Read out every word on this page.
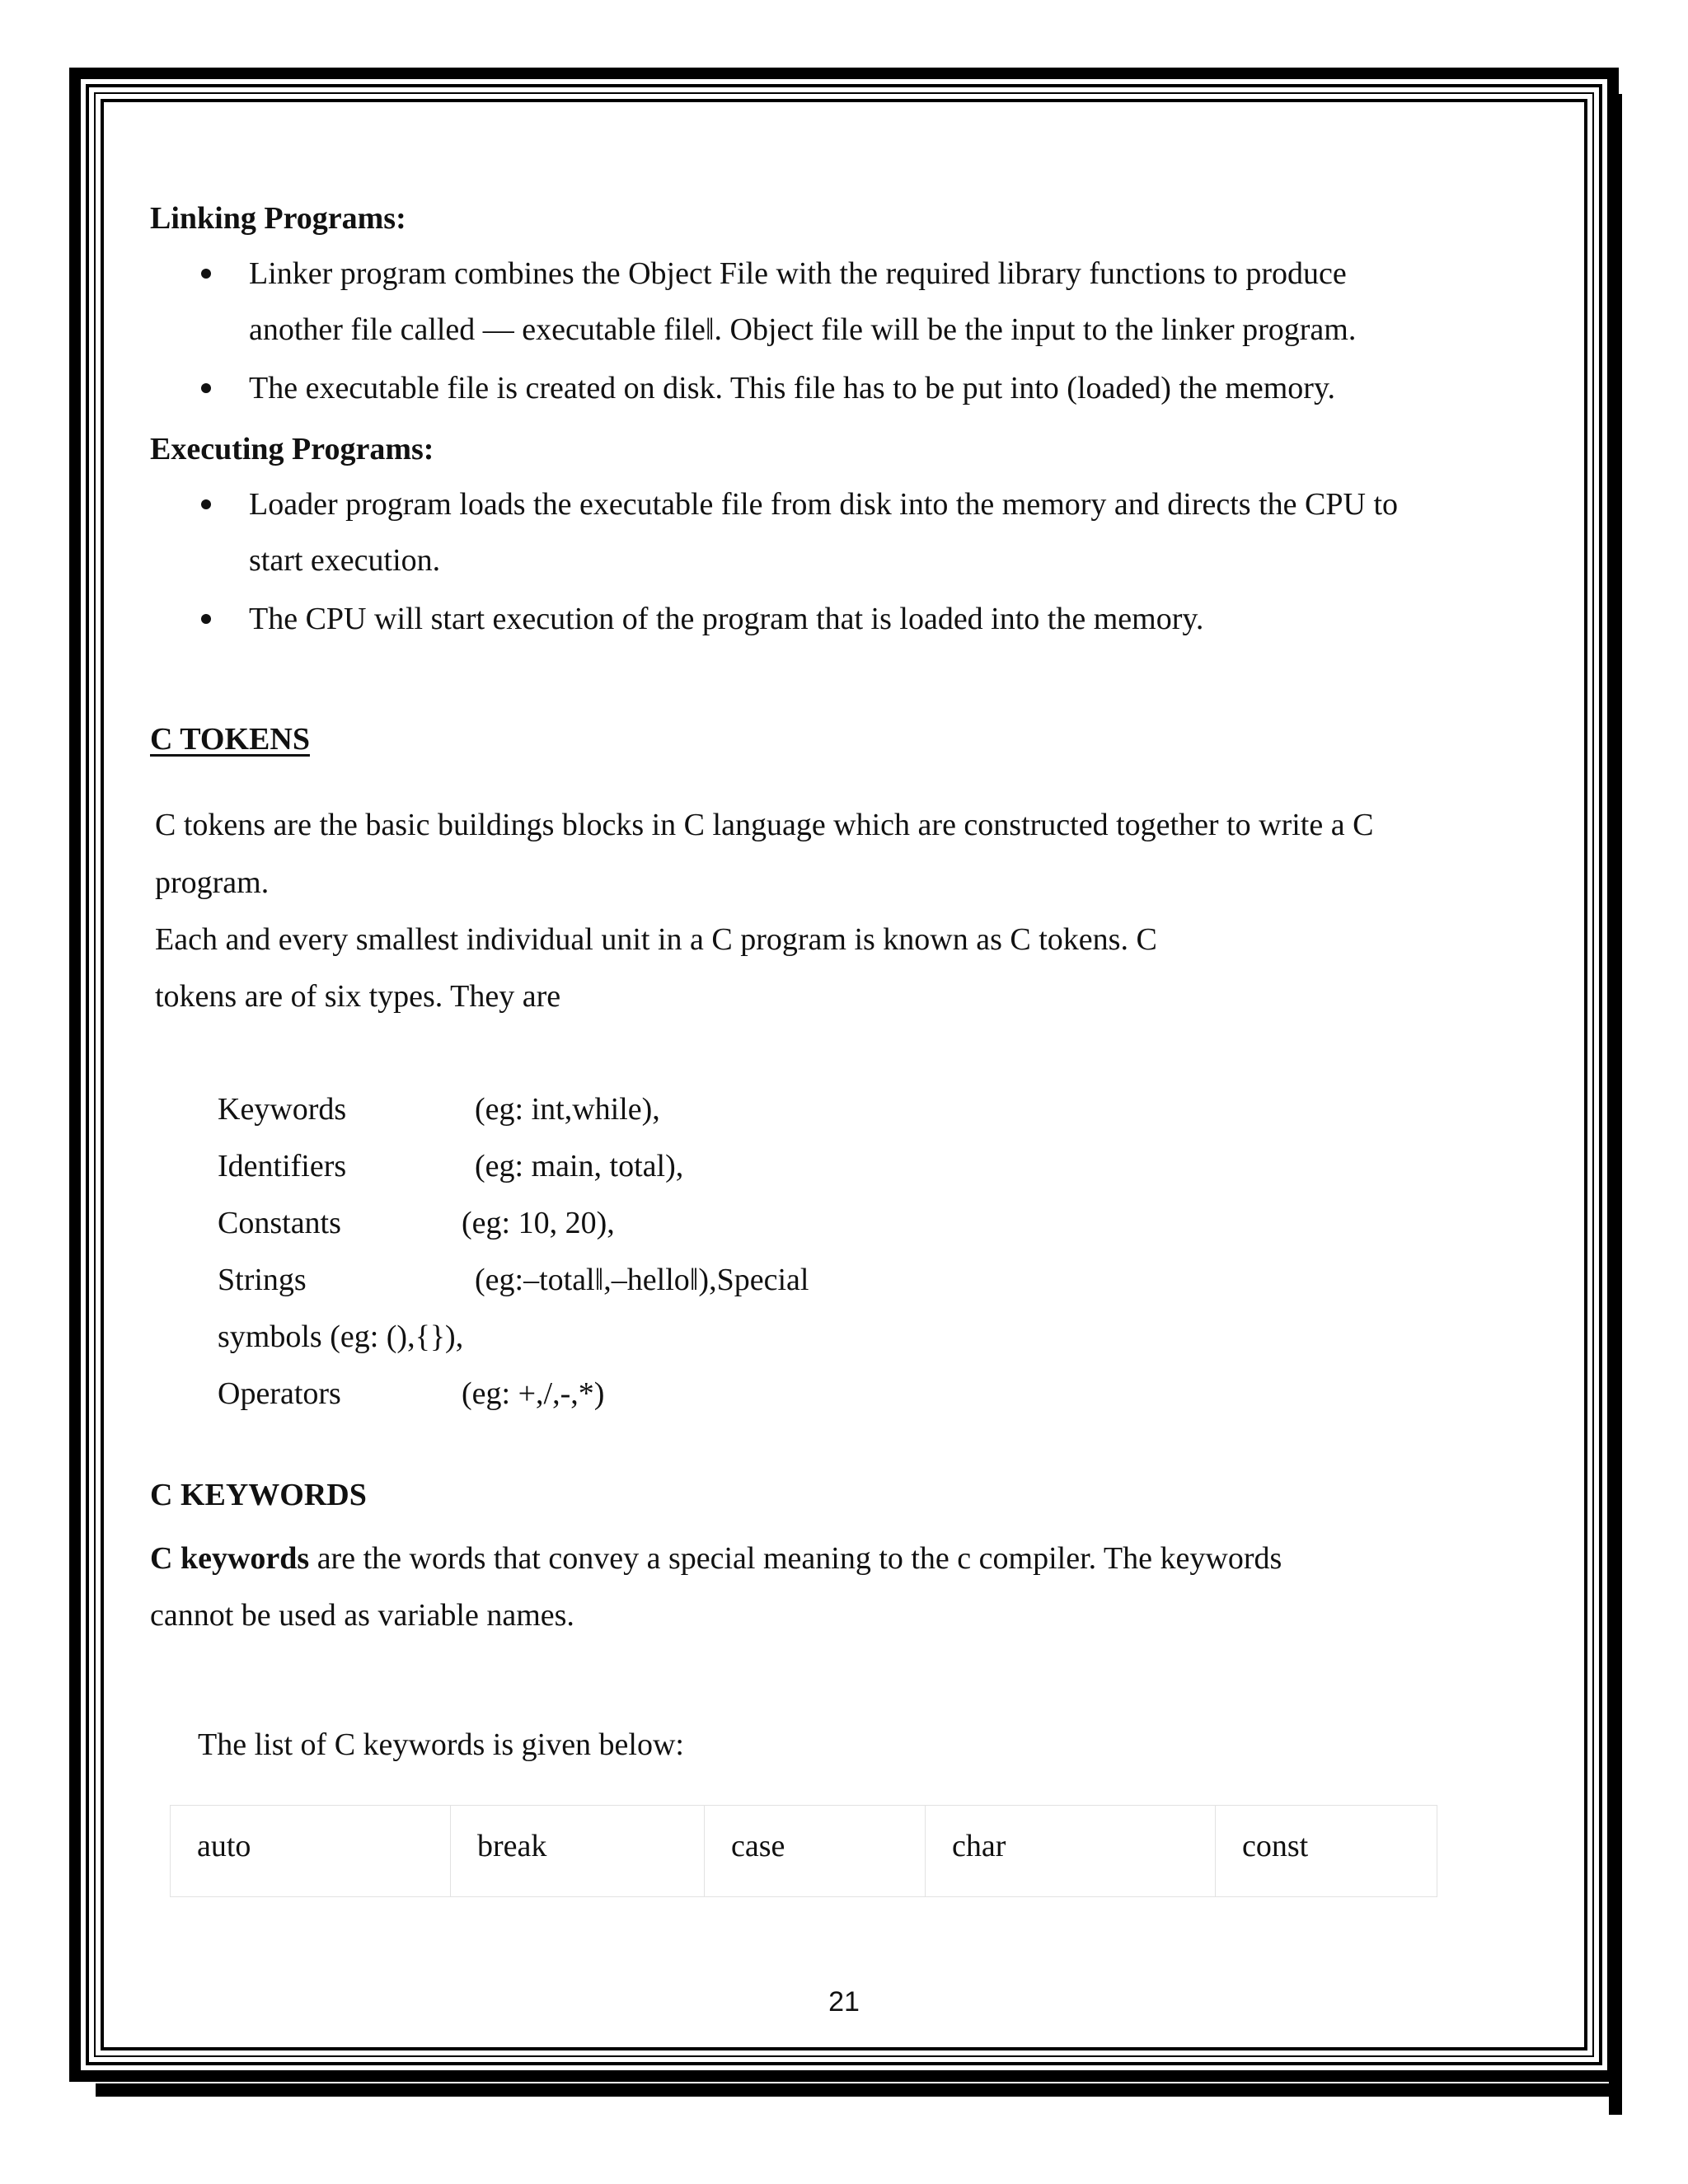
Linking Programs:
Linker program combines the Object File with the required library functions to produce
another file called ― executable file‖. Object file will be the input to the linker program.
The executable file is created on disk. This file has to be put into (loaded) the memory.
Executing Programs:
Loader program loads the executable file from disk into the memory and directs the CPU to
start execution.
The CPU will start execution of the program that is loaded into the memory.
C TOKENS
C tokens are the basic buildings blocks in C language which are constructed together to write a C
program.
Each and every smallest individual unit in a C program is known as C tokens. C
tokens are of six types. They are
Keywords	(eg: int,while),
Identifiers	(eg: main, total),
Constants	(eg: 10, 20),
Strings	(eg:–total‖,–hello‖),Special
symbols (eg: (),{}),
Operators	(eg: +,/,-,*)
C KEYWORDS
C keywords are the words that convey a special meaning to the c compiler. The keywords
cannot be used as variable names.
The list of C keywords is given below:
auto	break	case	char	const
21
